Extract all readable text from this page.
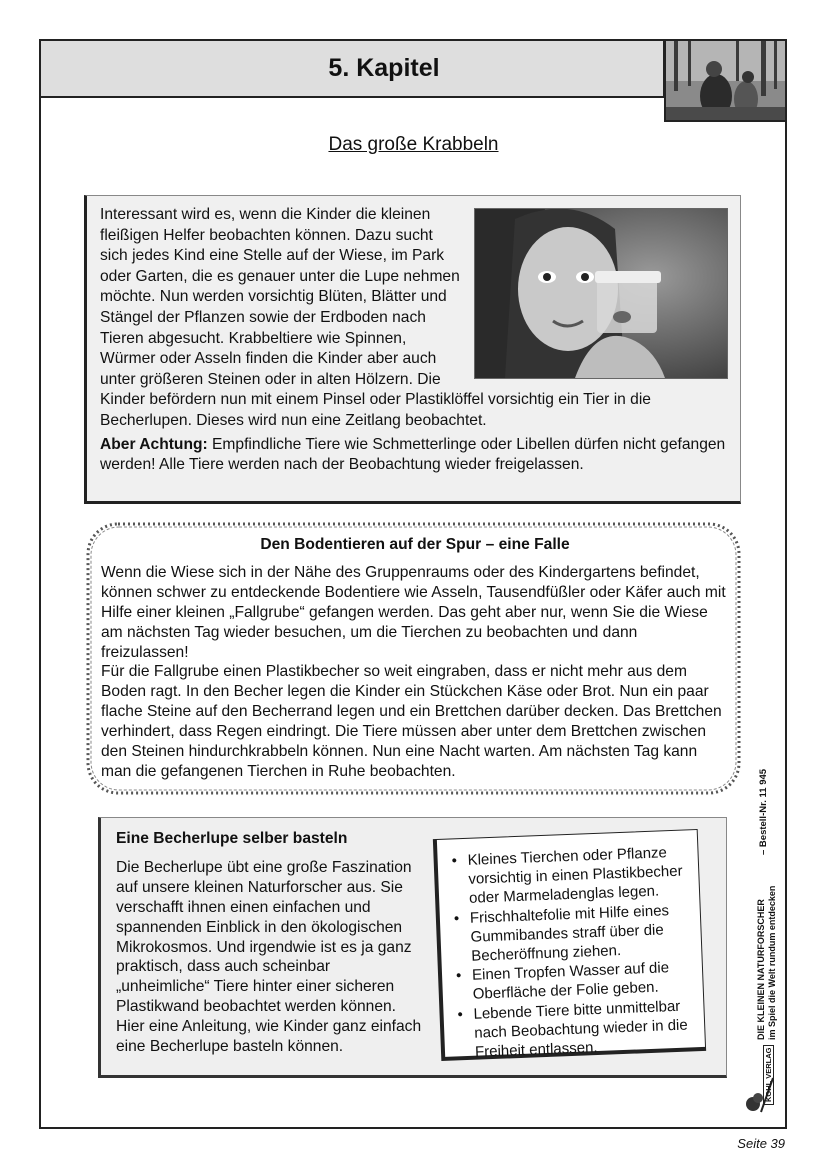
5. Kapitel
Das große Krabbeln

Interessant wird es, wenn die Kinder die kleinen fleißigen Helfer beobachten können. Dazu sucht sich jedes Kind eine Stelle auf der Wiese, im Park oder Garten, die es genauer unter die Lupe nehmen möchte. Nun werden vorsichtig Blüten, Blätter und Stängel der Pflanzen sowie der Erdboden nach Tieren abgesucht. Krabbeltiere wie Spinnen, Würmer oder Asseln finden die Kinder aber auch unter größeren Steinen oder in alten Hölzern. Die Kinder befördern nun mit einem Pinsel oder Plastiklöffel vorsichtig ein Tier in die Becherlupen. Dieses wird nun eine Zeitlang beobachtet.

Aber Achtung: Empfindliche Tiere wie Schmetterlinge oder Libellen dürfen nicht gefangen werden! Alle Tiere werden nach der Beobachtung wieder freigelassen.

Den Bodentieren auf der Spur – eine Falle

Wenn die Wiese sich in der Nähe des Gruppenraums oder des Kindergartens befindet, können schwer zu entdeckende Bodentiere wie Asseln, Tausendfüßler oder Käfer auch mit Hilfe einer kleinen „Fallgrube“ gefangen werden. Das geht aber nur, wenn Sie die Wiese am nächsten Tag wieder besuchen, um die Tierchen zu beobachten und dann freizulassen!

Für die Fallgrube einen Plastikbecher so weit eingraben, dass er nicht mehr aus dem Boden ragt. In den Becher legen die Kinder ein Stückchen Käse oder Brot. Nun ein paar flache Steine auf den Becherrand legen und ein Brettchen darüber decken. Das Brettchen verhindert, dass Regen eindringt. Die Tiere müssen aber unter dem Brettchen zwischen den Steinen hindurchkrabbeln können. Nun eine Nacht warten. Am nächsten Tag kann man die gefangenen Tierchen in Ruhe beobachten.

Eine Becherlupe selber basteln

Die Becherlupe übt eine große Faszination auf unsere kleinen Naturforscher aus. Sie verschafft ihnen einen einfachen und spannenden Einblick in den ökologischen Mikrokosmos. Und irgendwie ist es ja ganz praktisch, dass auch scheinbar „unheimliche“ Tiere hinter einer sicheren Plastikwand beobachtet werden können. Hier eine Anleitung, wie Kinder ganz einfach eine Becherlupe basteln können.

• Kleines Tierchen oder Pflanze vorsichtig in einen Plastikbecher oder Marmeladenglas legen.
• Frischhaltefolie mit Hilfe eines Gummibandes straff über die Becheröffnung ziehen.
• Einen Tropfen Wasser auf die Oberfläche der Folie geben.
• Lebende Tiere bitte unmittelbar nach Beobachtung wieder in die Freiheit entlassen.
DIE KLEINEN NATURFORSCHER im Spiel die Welt rundum entdecken
– Bestell-Nr. 11 945
KOHL VERLAG
Seite 39
